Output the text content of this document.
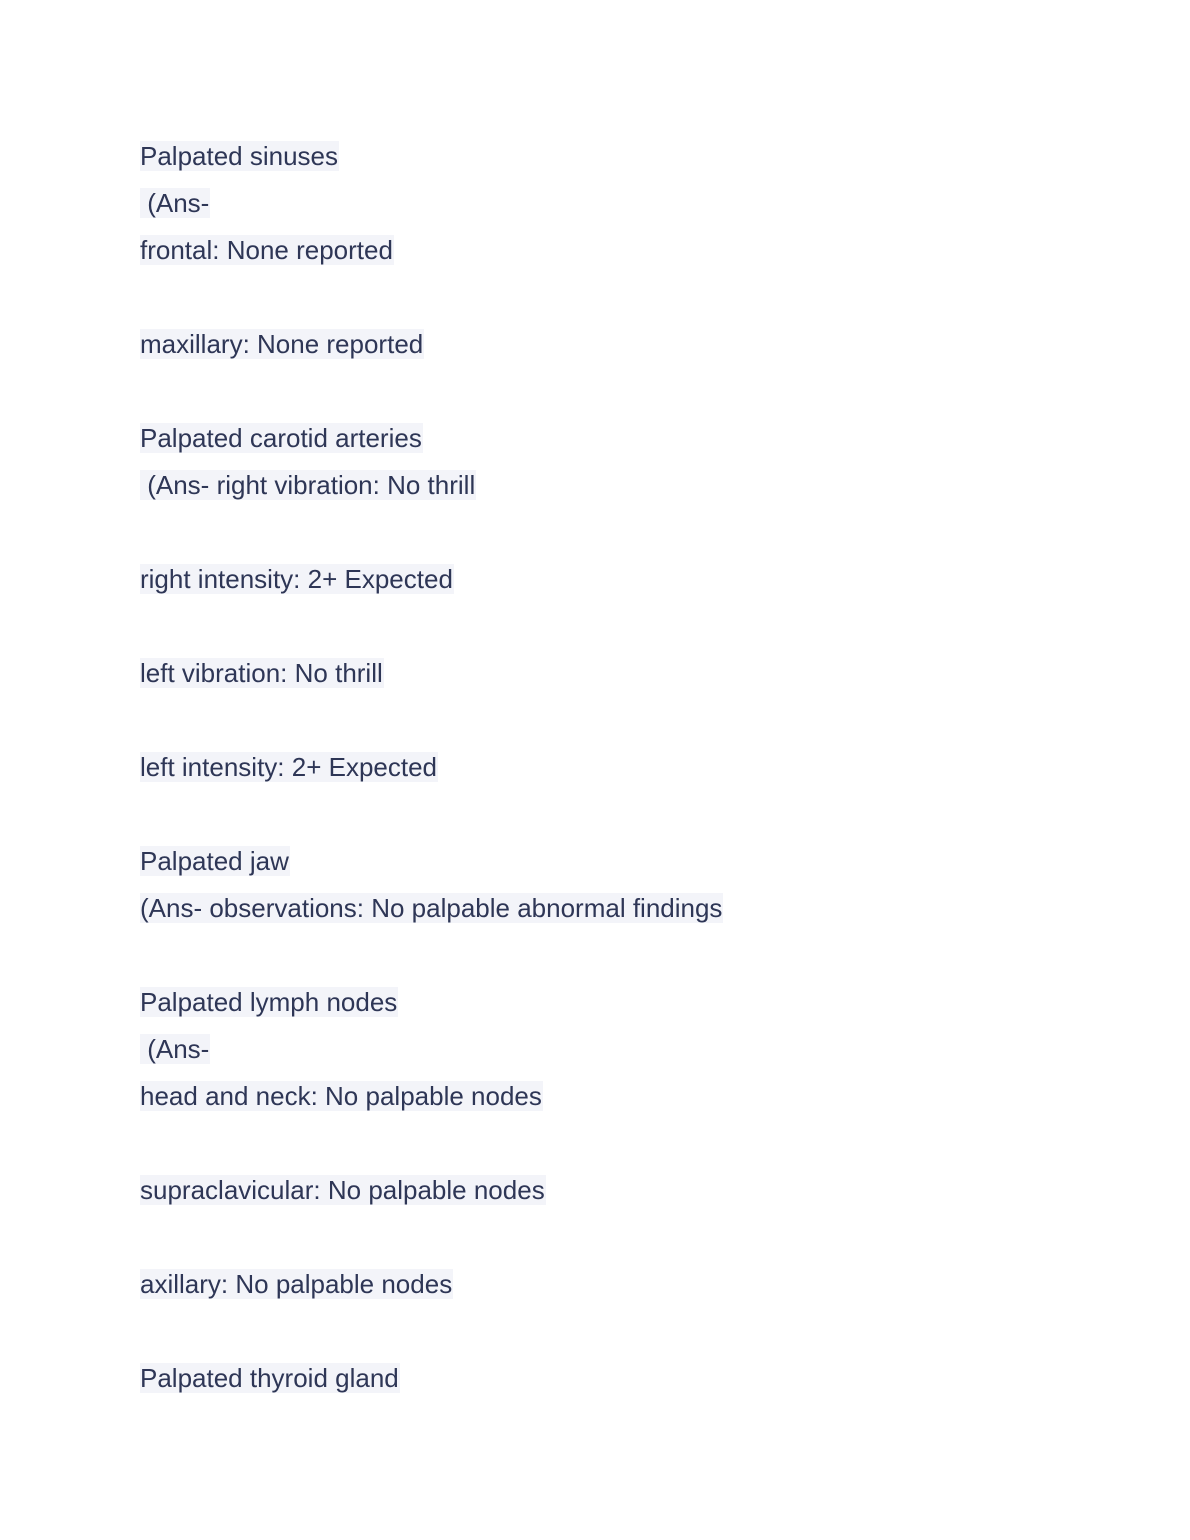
Palpated sinuses
(Ans-
frontal: None reported
maxillary: None reported
Palpated carotid arteries
(Ans- right vibration: No thrill
right intensity: 2+ Expected
left vibration: No thrill
left intensity: 2+ Expected
Palpated jaw
(Ans- observations: No palpable abnormal findings
Palpated lymph nodes
(Ans-
head and neck: No palpable nodes
supraclavicular: No palpable nodes
axillary: No palpable nodes
Palpated thyroid gland
